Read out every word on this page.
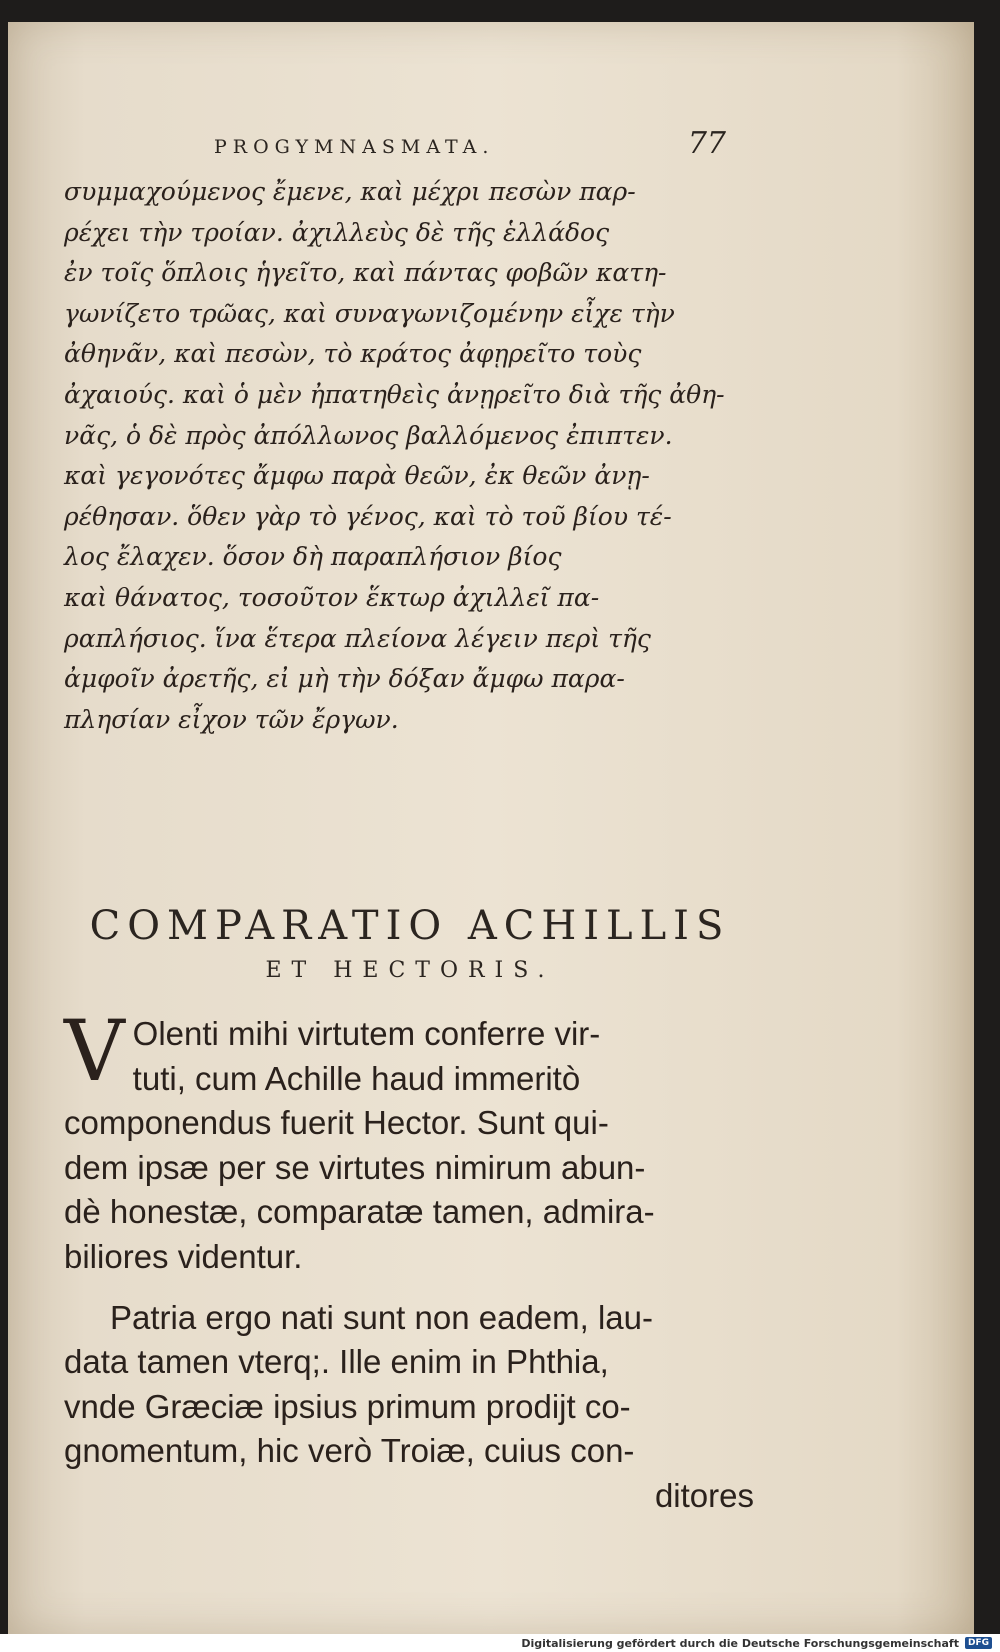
PROGYMNASMATA.	77

συμμαχούμενος ἔμενε, καὶ μέχρι πεσὼν παρ-

ρέχει τὴν τροίαν. ἀχιλλεὺς δὲ τῆς ἑλλάδος

ἐν τοῖς ὅπλοις ἡγεῖτο, καὶ πάντας φοβῶν κατη-

γωνίζετο τρῶας, καὶ συναγωνιζομένην εἶχε τὴν

ἀθηνᾶν, καὶ πεσὼν, τὸ κράτος ἀφῃρεῖτο τοὺς

ἀχαιούς. καὶ ὁ μὲν ἠπατηθεὶς ἀνῃρεῖτο διὰ τῆς ἀθη-

νᾶς, ὁ δὲ πρὸς ἀπόλλωνος βαλλόμενος ἐπιπτεν.

καὶ γεγονότες ἄμφω παρὰ θεῶν, ἐκ θεῶν ἀνῃ-

ρέθησαν. ὅθεν γὰρ τὸ γένος, καὶ τὸ τοῦ βίου τέ-

λος ἔλαχεν. ὅσον δὴ παραπλήσιον βίος

καὶ θάνατος, τοσοῦτον ἕκτωρ ἀχιλλεῖ πα-

ραπλήσιος. ἵνα ἕτερα πλείονα λέγειν περὶ τῆς

ἀμφοῖν ἀρετῆς, εἰ μὴ τὴν δόξαν ἄμφω παρα-

πλησίαν εἶχον τῶν ἔργων.

COMPARATIO ACHILLIS
ET HECTORIS.
V Olenti mihi virtutem conferre vir-
tuti, cum Achille haud immeritò
componendus fuerit Hector. Sunt qui-
dem ipsæ per se virtutes nimirum abun-
dè honestæ, comparatæ tamen, admira-
biliores videntur.
Patria ergo nati sunt non eadem, lau-
data tamen vterq;. Ille enim in Phthia,
vnde Græciæ ipsius primum prodijt co-
gnomentum, hic verò Troiæ, cuius con-
ditores
Digitalisierung gefördert durch die Deutsche Forschungsgemeinschaft	DFG
